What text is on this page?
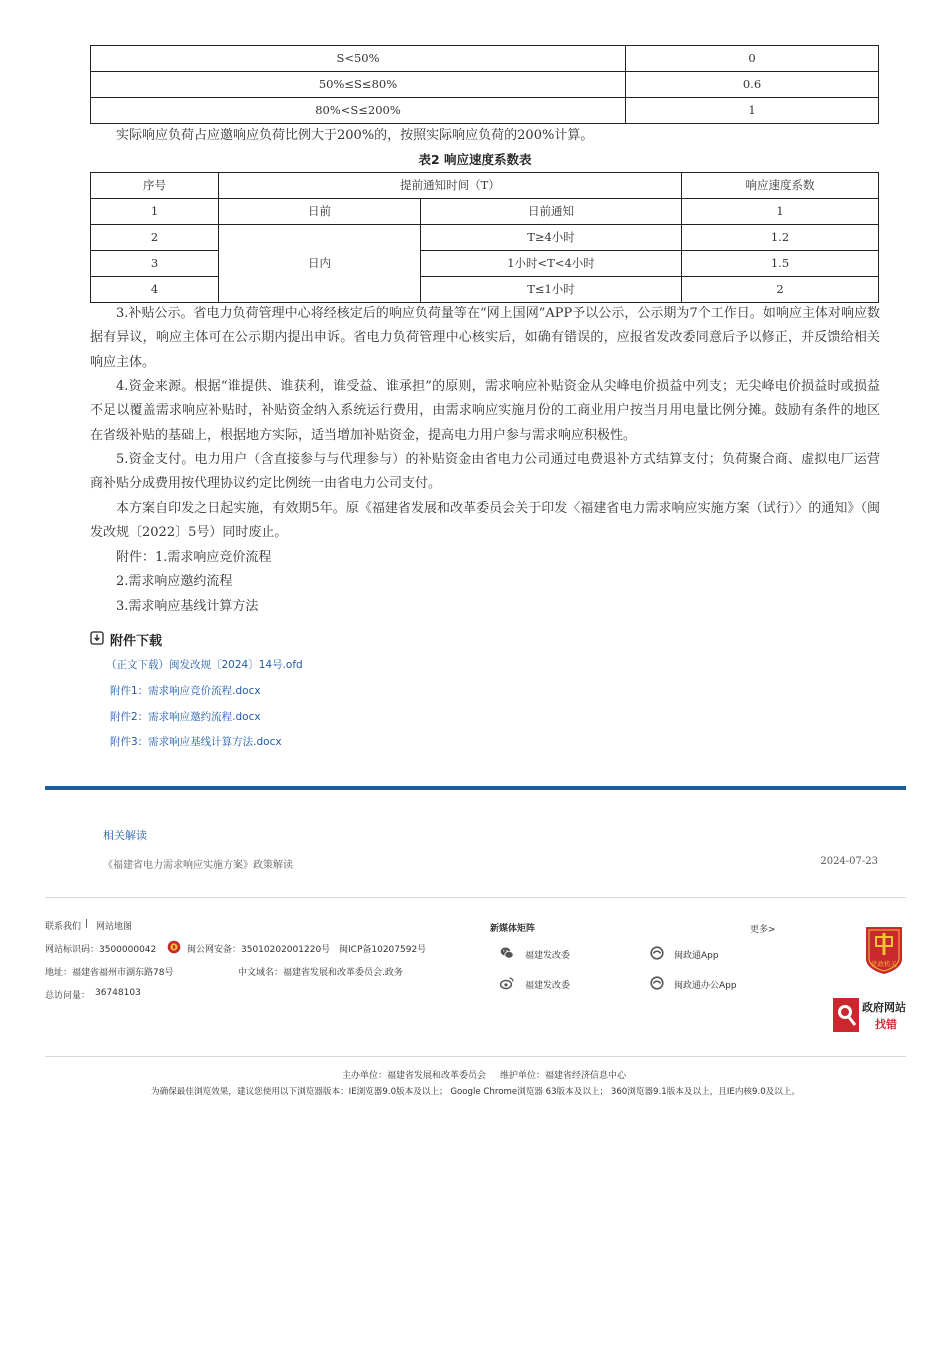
S<50%	0
50%≤S≤80%	0.6
80%<S≤200%	1

实际响应负荷占应邀响应负荷比例大于200%的，按照实际响应负荷的200%计算。

表2 响应速度系数表
序号	提前通知时间（T）		响应速度系数
1	日前	日前通知	1
2	日内	T≥4小时	1.2
3		1小时<T<4小时	1.5
4		T≤1小时	2

3.补贴公示。省电力负荷管理中心将经核定后的响应负荷量等在“网上国网”APP予以公示，公示期为7个工作日。如响应主体对响应数据有异议，响应主体可在公示期内提出申诉。省电力负荷管理中心核实后，如确有错误的，应报省发改委同意后予以修正，并反馈给相关响应主体。

4.资金来源。根据“谁提供、谁获利，谁受益、谁承担”的原则，需求响应补贴资金从尖峰电价损益中列支；无尖峰电价损益时或损益不足以覆盖需求响应补贴时，补贴资金纳入系统运行费用，由需求响应实施月份的工商业用户按当月用电量比例分摊。鼓励有条件的地区在省级补贴的基础上，根据地方实际，适当增加补贴资金，提高电力用户参与需求响应积极性。

5.资金支付。电力用户（含直接参与与代理参与）的补贴资金由省电力公司通过电费退补方式结算支付；负荷聚合商、虚拟电厂运营商补贴分成费用按代理协议约定比例统一由省电力公司支付。

本方案自印发之日起实施，有效期5年。原《福建省发展和改革委员会关于印发〈福建省电力需求响应实施方案（试行）〉的通知》（闽发改规〔2022〕5号）同时废止。

附件：1.需求响应竞价流程

2.需求响应邀约流程

3.需求响应基线计算方法

附件下载
（正文下载）闽发改规〔2024〕14号.ofd
附件1：需求响应竞价流程.docx
附件2：需求响应邀约流程.docx
附件3：需求响应基线计算方法.docx
相关解读
《福建省电力需求响应实施方案》政策解读	2024-07-23
联系我们 | 网站地图
网站标识码：3500000042	闽公网安备：35010202001220号 闽ICP备10207592号
地址：福建省福州市湖东路78号	中文域名：福建省发展和改革委员会.政务
总访问量： 36748103
新媒体矩阵	更多>
福建发改委	闽政通App
福建发改委	闽政通办公App
党政机关
政府网站
找错
主办单位：福建省发展和改革委员会 维护单位：福建省经济信息中心
为确保最佳浏览效果，建议您使用以下浏览器版本：IE浏览器9.0版本及以上； Google Chrome浏览器 63版本及以上； 360浏览器9.1版本及以上，且IE内核9.0及以上。
